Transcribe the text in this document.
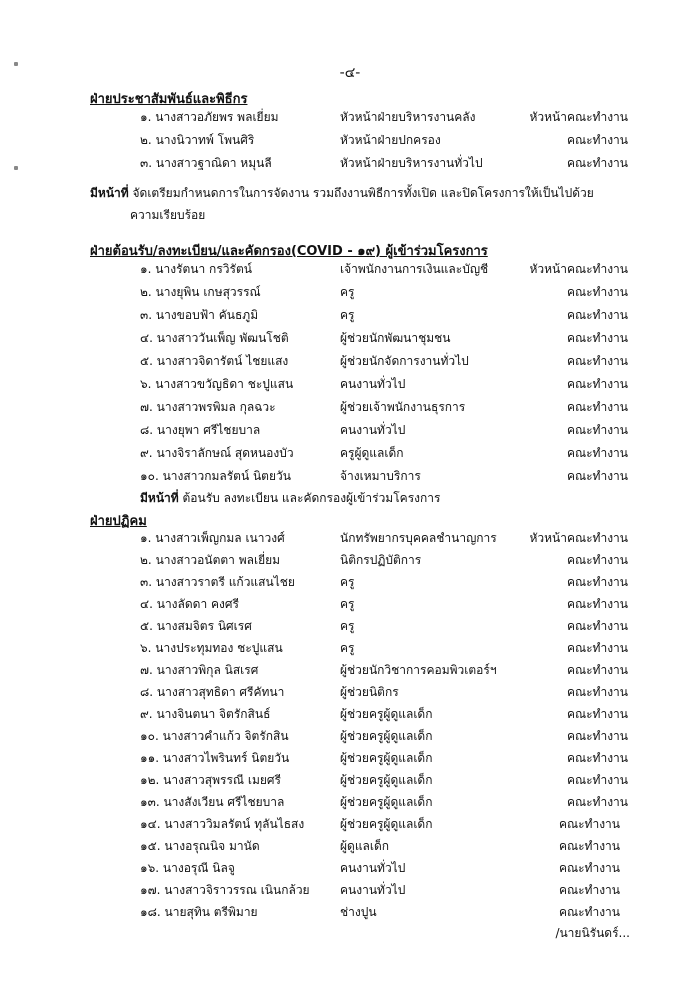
-๔-
ฝ่ายประชาสัมพันธ์และพิธีกร
๑. นางสาวอภัยพร พลเยี่ยม	หัวหน้าฝ่ายบริหารงานคลัง	หัวหน้าคณะทำงาน
๒. นางนิวาทพ์ โพนศิริ	หัวหน้าฝ่ายปกครอง	คณะทำงาน
๓. นางสาวฐาณิดา หมุนลี	หัวหน้าฝ่ายบริหารงานทั่วไป	คณะทำงาน
มีหน้าที่ จัดเตรียมกำหนดการในการจัดงาน รวมถึงงานพิธีการทั้งเปิด และปิดโครงการให้เป็นไปด้วย
ความเรียบร้อย
ฝ่ายต้อนรับ/ลงทะเบียน/และคัดกรอง(COVID - ๑๙) ผู้เข้าร่วมโครงการ
๑. นางรัตนา กรวิรัตน์	เจ้าพนักงานการเงินและบัญชี	หัวหน้าคณะทำงาน
๒. นางยุพิน เกษสุวรรณ์	ครู	คณะทำงาน
๓. นางขอบฟ้า คันธภูมิ	ครู	คณะทำงาน
๔. นางสาววันเพ็ญ พัฒนโชติ	ผู้ช่วยนักพัฒนาชุมชน	คณะทำงาน
๕. นางสาวจิดารัตน์ ไชยแสง	ผู้ช่วยนักจัดการงานทั่วไป	คณะทำงาน
๖. นางสาวขวัญธิดา ชะปูแสน	คนงานทั่วไป	คณะทำงาน
๗. นางสาวพรพิมล กุลฉวะ	ผู้ช่วยเจ้าพนักงานธุรการ	คณะทำงาน
๘. นางยุพา ศรีไชยบาล	คนงานทั่วไป	คณะทำงาน
๙. นางจิราลักษณ์ สุดหนองบัว	ครูผู้ดูแลเด็ก	คณะทำงาน
๑๐. นางสาวกมลรัตน์ นิตยวัน	จ้างเหมาบริการ	คณะทำงาน
มีหน้าที่ ต้อนรับ ลงทะเบียน และคัดกรองผู้เข้าร่วมโครงการ
ฝ่ายปฏิคม
๑. นางสาวเพ็ญกมล เนาวงศ์	นักทรัพยากรบุคคลชำนาญการ	หัวหน้าคณะทำงาน
๒. นางสาวอนัตตา พลเยี่ยม	นิติกรปฏิบัติการ	คณะทำงาน
๓. นางสาวราตรี แก้วแสนไชย	ครู	คณะทำงาน
๔. นางลัดดา คงศรี	ครู	คณะทำงาน
๕. นางสมจิตร นิศเรศ	ครู	คณะทำงาน
๖. นางประทุมทอง ชะปูแสน	ครู	คณะทำงาน
๗. นางสาวพิกุล นิสเรศ	ผู้ช่วยนักวิชาการคอมพิวเตอร์ฯ	คณะทำงาน
๘. นางสาวสุทธิดา ศรีคัทนา	ผู้ช่วยนิติกร	คณะทำงาน
๙. นางจินตนา จิตรักสินธ์	ผู้ช่วยครูผู้ดูแลเด็ก	คณะทำงาน
๑๐. นางสาวคำแก้ว จิตรักสิน	ผู้ช่วยครูผู้ดูแลเด็ก	คณะทำงาน
๑๑. นางสาวไพรินทร์ นิตยวัน	ผู้ช่วยครูผู้ดูแลเด็ก	คณะทำงาน
๑๒. นางสาวสุพรรณี เมยศรี	ผู้ช่วยครูผู้ดูแลเด็ก	คณะทำงาน
๑๓. นางสังเวียน ศรีไชยบาล	ผู้ช่วยครูผู้ดูแลเด็ก	คณะทำงาน
๑๔. นางสาววิมลรัตน์ ทุลันไธสง	ผู้ช่วยครูผู้ดูแลเด็ก	คณะทำงาน
๑๕. นางอรุณนิจ มานัด	ผู้ดูแลเด็ก	คณะทำงาน
๑๖. นางอรุณี นิลจู	คนงานทั่วไป	คณะทำงาน
๑๗. นางสาวจิราวรรณ เนินกล้วย	คนงานทั่วไป	คณะทำงาน
๑๘. นายสุทิน ตรีพิมาย	ช่างปูน	คณะทำงาน
/นายนิรันดร์...
